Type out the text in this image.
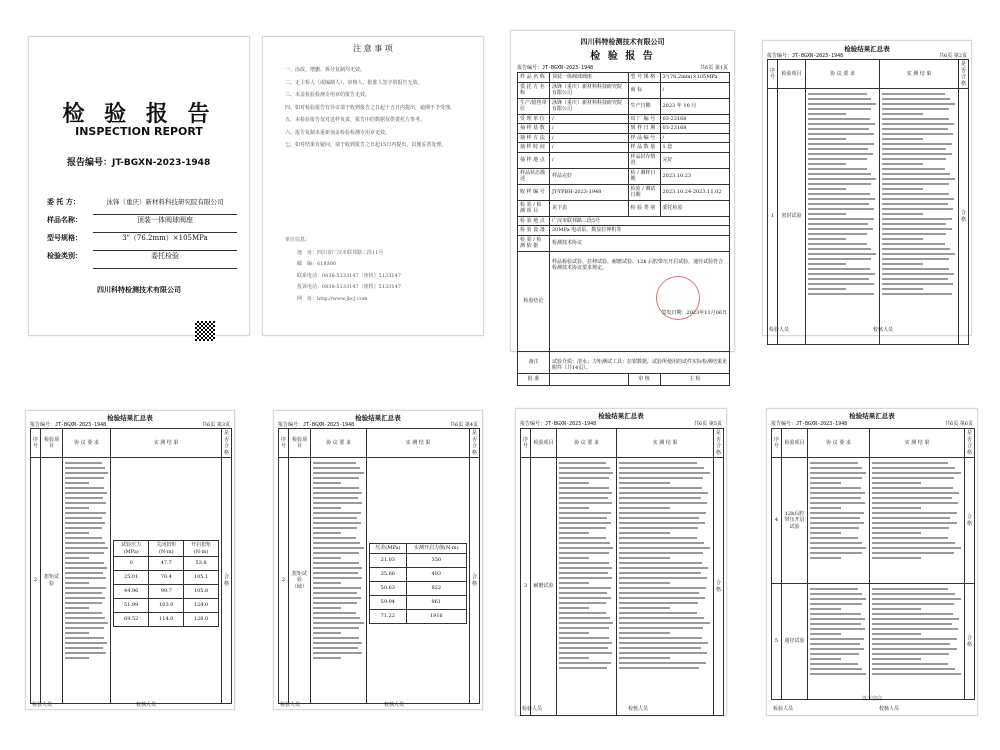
检 验 报 告
INSPECTION REPORT
报告编号：JT-BGXN-2023-1948
委 托 方：	泳锋（重庆）新材料科技研究院有限公司
样品名称：	顶装一体阀球阀座
型号规格：	3"（76.2mm）×105MPa
检验类别：	委托检验
四川科特检测技术有限公司
注 意 事 项
一、涂改、增删、拆分复制均无效。
二、无主检人（或编制人）、审核人、批准人签字的报告无效。
三、未盖检验检测专用章的报告无效。
四、如对检验报告有异议请于收到报告之日起十五日内提出，逾期不予受理。
五、本检验报告仅对送样负责，报告中的数据仅供委托方参考。
六、报告复制未重新加盖检验检测专用章无效。
七、如对结果有疑问，请于收到报告之日起15日内提出，以便妥善处理。
单位信息：
地　址：四川省广汉市联邦路三段11号
邮　编：618300
联系电话：0838-5133147（座机）5133147
投诉电话：0838-5133147（座机）5133147
网　址：http://www.jbcj.com
四川科特检测技术有限公司
检 验 报 告
报告编号：JT-BGXN-2023-1948	共6页 第1页
样 品 名 称	顶装一体阀球阀座	型 号 规 格	3"(76.2mm)×105MPa
委 托 方 名 称	泳锋（重庆）新材料科技研究院有限公司	商 标	/
生产/销售单位	泳锋（重庆）新材料科技研究院有限公司	生产日期	2023 年 10 月
受 理 单 位	/	出 厂 编 号	03-23168
抽 样 基 数	/	到 样 日 期	03-23168
抽 样 方 法	/	样 品 编 号	/
抽 样 时 间	/	样 品 数 量	1 套
抽 样 地 点	/	样品封存情况	完好
样品状态描述	样品完好	检 / 测样日期	2023.10.23
收 样 编 号	JT-YPBH-2023-1948	检验 / 测试日期	2023.10.24-2023.11.02
检 验 / 检 测 项 目	见下表	检 验 类 别	委托检验
检 验 地 点	广汉市联邦路三段5号		
检 验 设 备	20MPa 电动泵、数显拉伸机等		
检 验 / 检 测 依 据	检测技术协议		
检验结论	样品检验试验、拉伸试验、耐磨试验、12h 后腔带压开启试验，通径试验符合检测技术协议要求规定。
签发日期：2023年11月06日		

备注	试验介质：清水；力矩测试工具：拉钳数据，试验所使用的试件实际检测结果见附件（共14页）。		

批 准		审 核	主 检
检验结果汇总表
报告编号：JT-BGXN-2023-1948	共6页 第2页
序号	检验项目	协 议 要 求	实 测 结 果	是否合格
1	密封试验			合格
检验人员	校核人员
检验结果汇总表
报告编号：JT-BGXN-2023-1948	共6页 第3页
序号	检验项目	协 议 要 求	实 测 结 果	是否合格
2	扭矩试验	

试验压力(MPa)	关闭扭矩(N·m)	开启扭矩(N·m)
0	47.7	53.8
25.01	70.4	105.1
44.96	99.7	105.8
51.99	103.0	124.0
69.52	114.0	128.0
	合格
检验人员	校核人员
检验结果汇总表
报告编号：JT-BGXN-2023-1948	共6页 第4页
序号	检验项目	协 议 要 求	实 测 结 果	是否合格
2	扭矩试验（续）	

压差(MPa)	实测开启力值(N·m)
21.03	350
35.66	493
50.63	922
59.94	961
71.22	1916
	合格
检验人员	校核人员
检验结果汇总表
报告编号：JT-BGXN-2023-1948	共6页 第5页
序号	检验项目	协 议 要 求	实 测 结 果	是否合格
3	耐磨试验			合格
检验人员	校核人员
检验结果汇总表
报告编号：JT-BGXN-2023-1948	共6页 第6页
序号	检验项目	协 议 要 求	实 测 结 果	是否合格
4	12h后腔带压开启试验			合格
5	通径试验			合格
以下空白
检验人员	校核人员
